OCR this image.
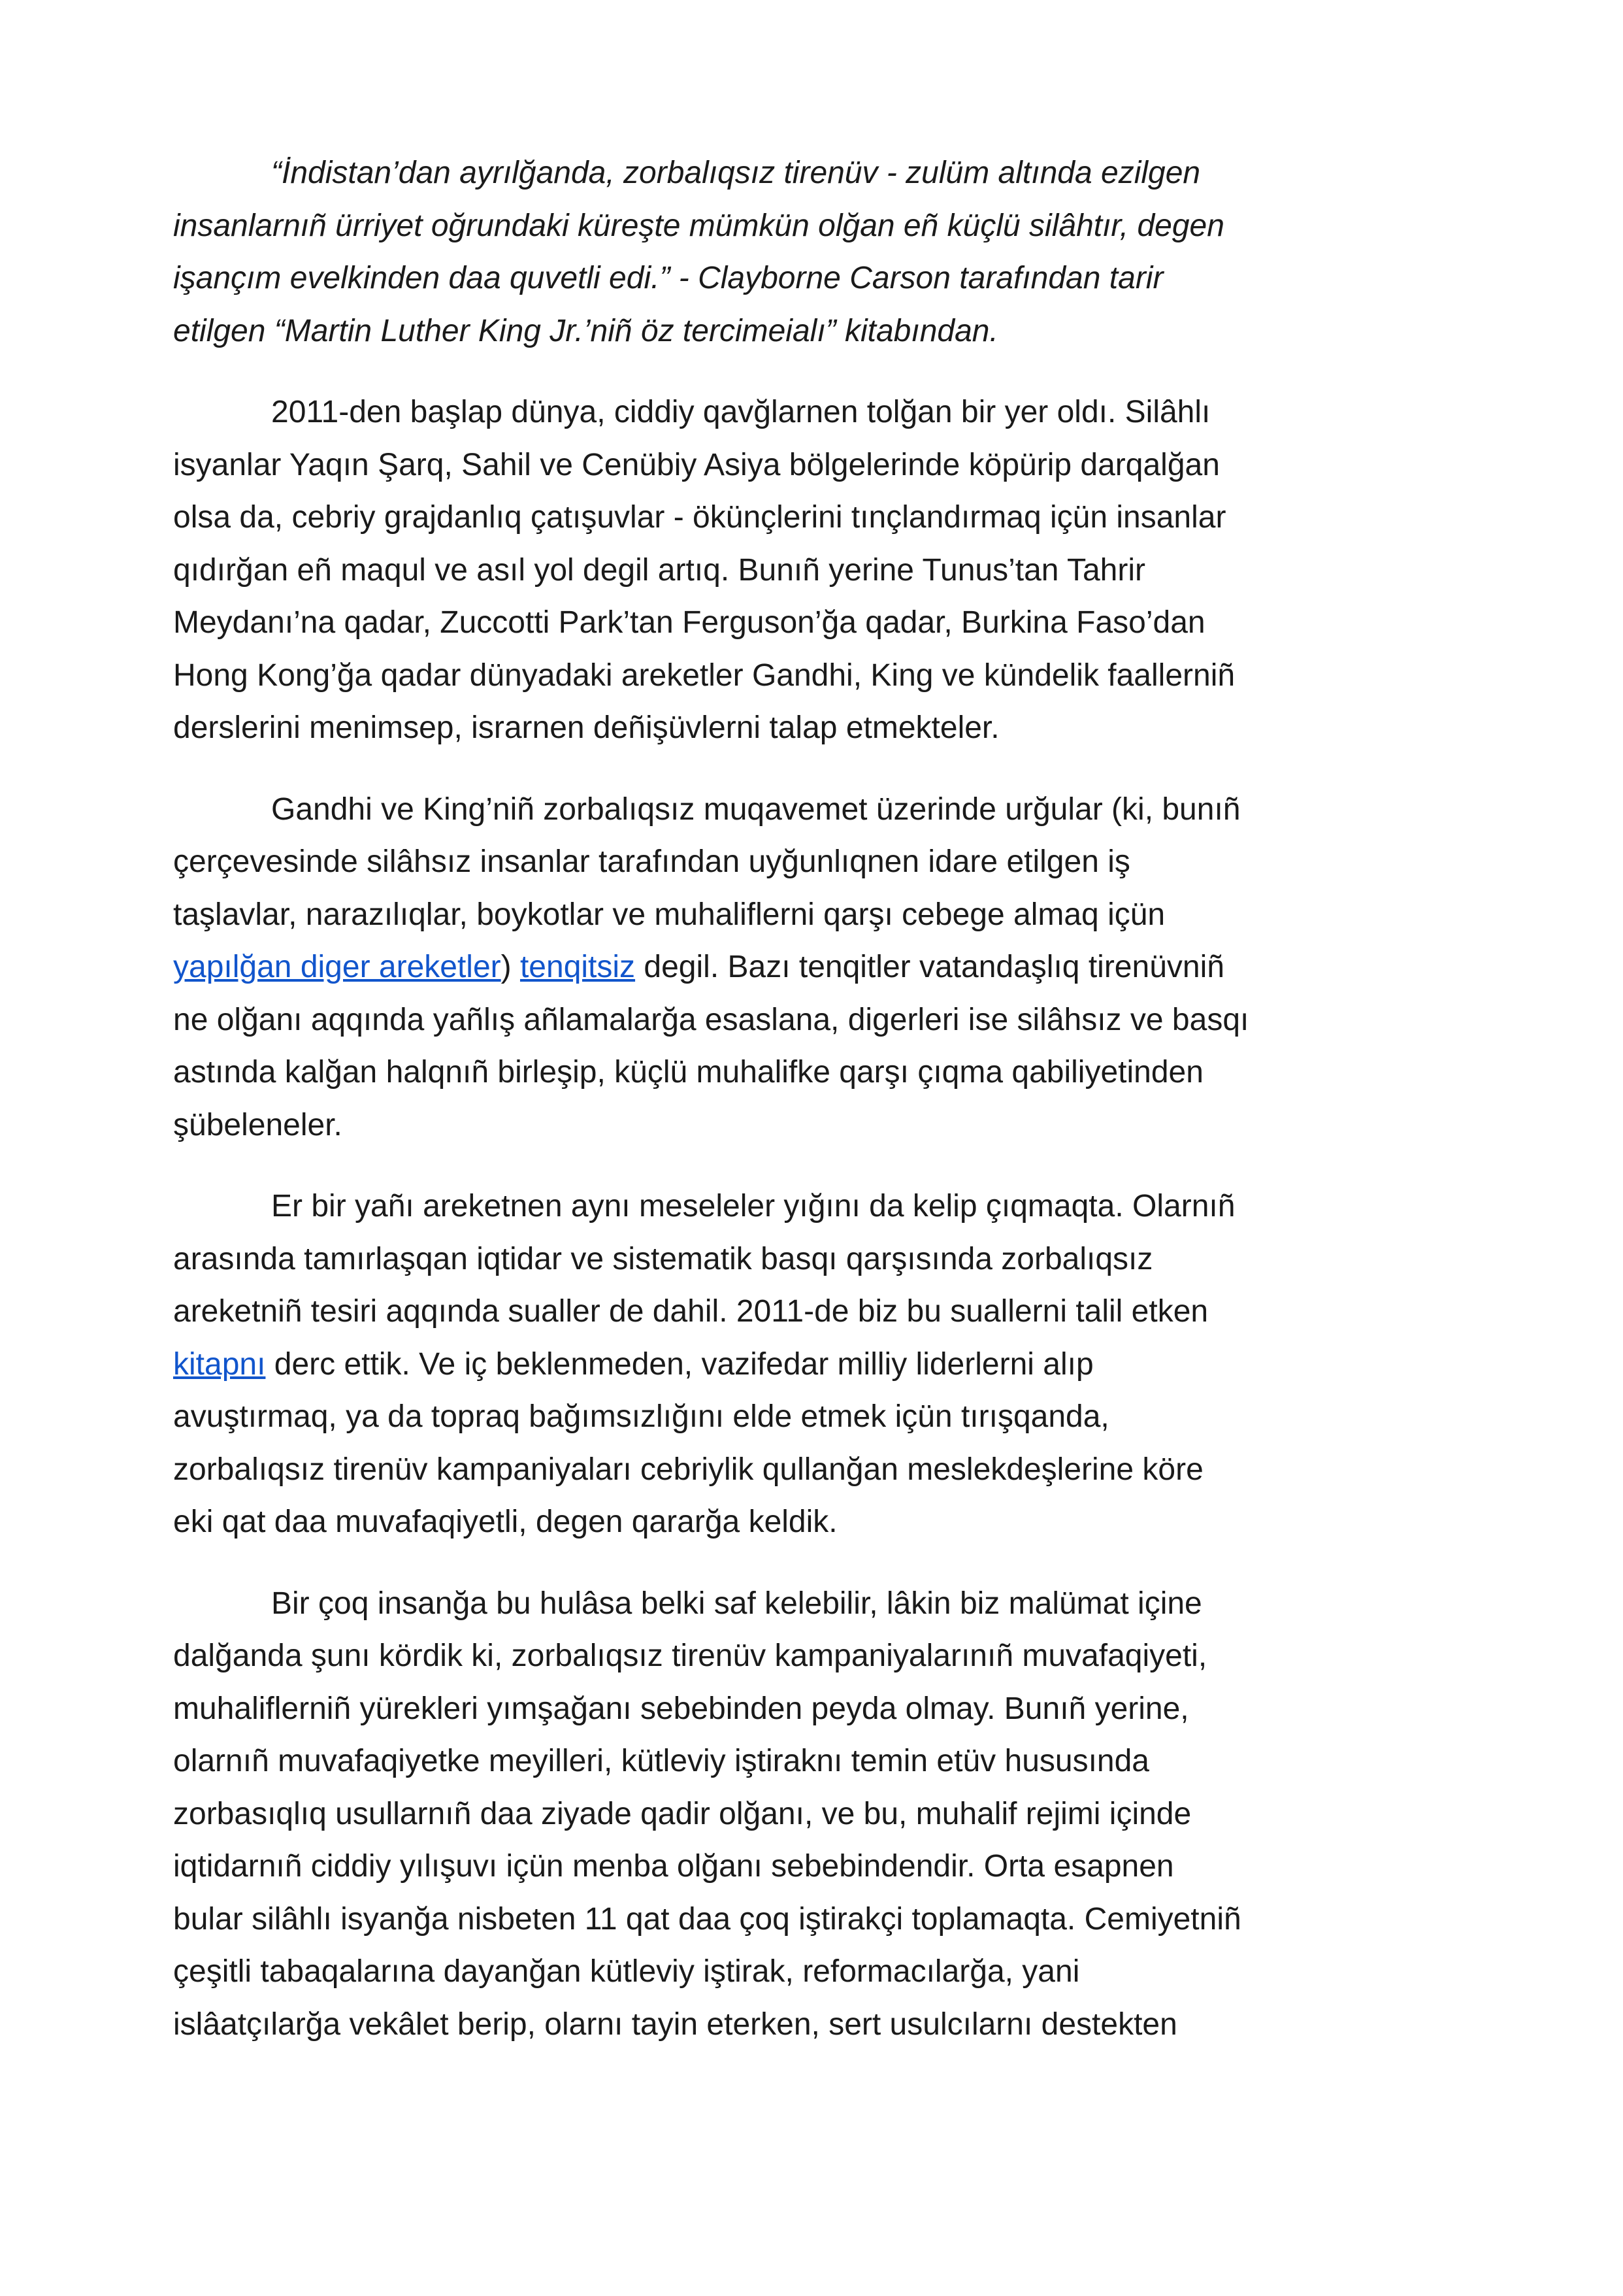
“İndistan’dan ayrılğanda, zorbalıqsız tirenüv - zulüm altında ezilgen
insanlarnıñ ürriyet oğrundaki küreşte mümkün olğan eñ küçlü silâhtır, degen
işançım evelkinden daa quvetli edi.” - Clayborne Carson tarafından tarir
etilgen “Martin Luther King Jr.’niñ öz tercimeialı” kitabından.

2011-den başlap dünya, ciddiy qavğlarnen tolğan bir yer oldı. Silâhlı
isyanlar Yaqın Şarq, Sahil ve Cenübiy Asiya bölgelerinde köpürip darqalğan
olsa da, cebriy grajdanlıq çatışuvlar - ökünçlerini tınçlandırmaq içün insanlar
qıdırğan eñ maqul ve asıl yol degil artıq. Bunıñ yerine Tunus’tan Tahrir
Meydanı’na qadar, Zuccotti Park’tan Ferguson’ğa qadar, Burkina Faso’dan
Hong Kong’ğa qadar dünyadaki areketler Gandhi, King ve kündelik faallerniñ
derslerini menimsep, israrnen deñişüvlerni talap etmekteler.

Gandhi ve King’niñ zorbalıqsız muqavemet üzerinde urğular (ki, bunıñ
çerçevesinde silâhsız insanlar tarafından uyğunlıqnen idare etilgen iş
taşlavlar, narazılıqlar, boykotlar ve muhaliflerni qarşı cebege almaq içün
yapılğan diger areketler) tenqitsiz degil. Bazı tenqitler vatandaşlıq tirenüvniñ
ne olğanı aqqında yañlış añlamalarğa esaslana, digerleri ise silâhsız ve basqı
astında kalğan halqnıñ birleşip, küçlü muhalifke qarşı çıqma qabiliyetinden
şübeleneler.

Er bir yañı areketnen aynı meseleler yığını da kelip çıqmaqta. Olarnıñ
arasında tamırlaşqan iqtidar ve sistematik basqı qarşısında zorbalıqsız
areketniñ tesiri aqqında sualler de dahil. 2011-de biz bu suallerni talil etken
kitapnı derc ettik. Ve iç beklenmeden, vazifedar milliy liderlerni alıp
avuştırmaq, ya da topraq bağımsızlığını elde etmek içün tırışqanda,
zorbalıqsız tirenüv kampaniyaları cebriylik qullanğan meslekdeşlerine köre
eki qat daa muvafaqiyetli, degen qararğa keldik.

Bir çoq insanğa bu hulâsa belki saf kelebilir, lâkin biz malümat içine
dalğanda şunı kördik ki, zorbalıqsız tirenüv kampaniyalarınıñ muvafaqiyeti,
muhaliflerniñ yürekleri yımşağanı sebebinden peyda olmay. Bunıñ yerine,
olarnıñ muvafaqiyetke meyilleri, kütleviy iştiraknı temin etüv hususında
zorbasıqlıq usullarnıñ daa ziyade qadir olğanı, ve bu, muhalif rejimi içinde
iqtidarnıñ ciddiy yılışuvı içün menba olğanı sebebindendir. Orta esapnen
bular silâhlı isyanğa nisbeten 11 qat daa çoq iştirakçi toplamaqta. Cemiyetniñ
çeşitli tabaqalarına dayanğan kütleviy iştirak, reformacılarğa, yani
islâatçılarğa vekâlet berip, olarnı tayin eterken, sert usulcılarnı destekten
